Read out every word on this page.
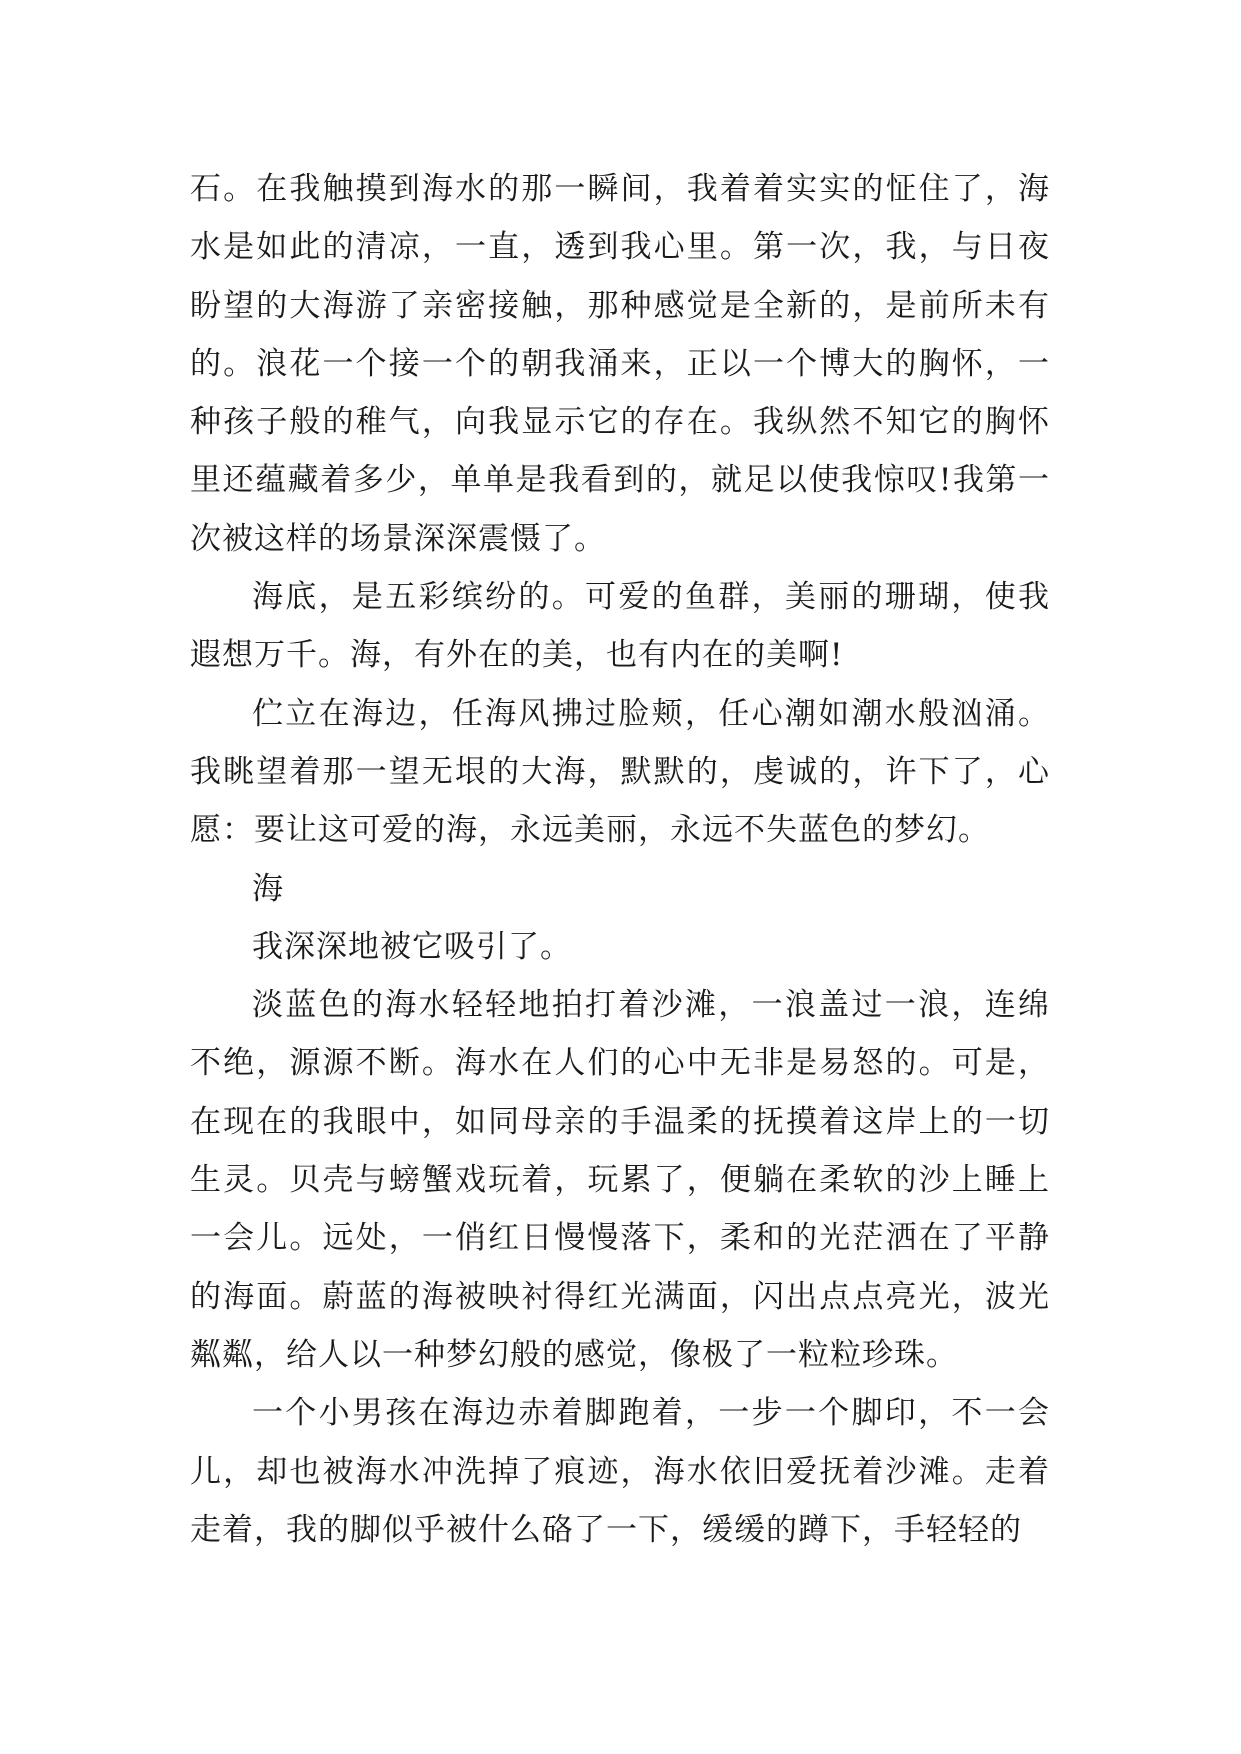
石。在我触摸到海水的那一瞬间，我着着实实的怔住了，海水是如此的清凉，一直，透到我心里。第一次，我，与日夜盼望的大海游了亲密接触，那种感觉是全新的，是前所未有的。浪花一个接一个的朝我涌来，正以一个博大的胸怀，一种孩子般的稚气，向我显示它的存在。我纵然不知它的胸怀里还蕴藏着多少，单单是我看到的，就足以使我惊叹!我第一次被这样的场景深深震慑了。

海底，是五彩缤纷的。可爱的鱼群，美丽的珊瑚，使我遐想万千。海，有外在的美，也有内在的美啊!

伫立在海边，任海风拂过脸颊，任心潮如潮水般汹涌。我眺望着那一望无垠的大海，默默的，虔诚的，许下了，心愿：要让这可爱的海，永远美丽，永远不失蓝色的梦幻。

海

我深深地被它吸引了。

淡蓝色的海水轻轻地拍打着沙滩，一浪盖过一浪，连绵不绝，源源不断。海水在人们的心中无非是易怒的。可是，在现在的我眼中，如同母亲的手温柔的抚摸着这岸上的一切生灵。贝壳与螃蟹戏玩着，玩累了，便躺在柔软的沙上睡上一会儿。远处，一俏红日慢慢落下，柔和的光茫洒在了平静的海面。蔚蓝的海被映衬得红光满面，闪出点点亮光，波光粼粼，给人以一种梦幻般的感觉，像极了一粒粒珍珠。

一个小男孩在海边赤着脚跑着，一步一个脚印，不一会儿，却也被海水冲洗掉了痕迹，海水依旧爱抚着沙滩。走着走着，我的脚似乎被什么硌了一下，缓缓的蹲下，手轻轻的
